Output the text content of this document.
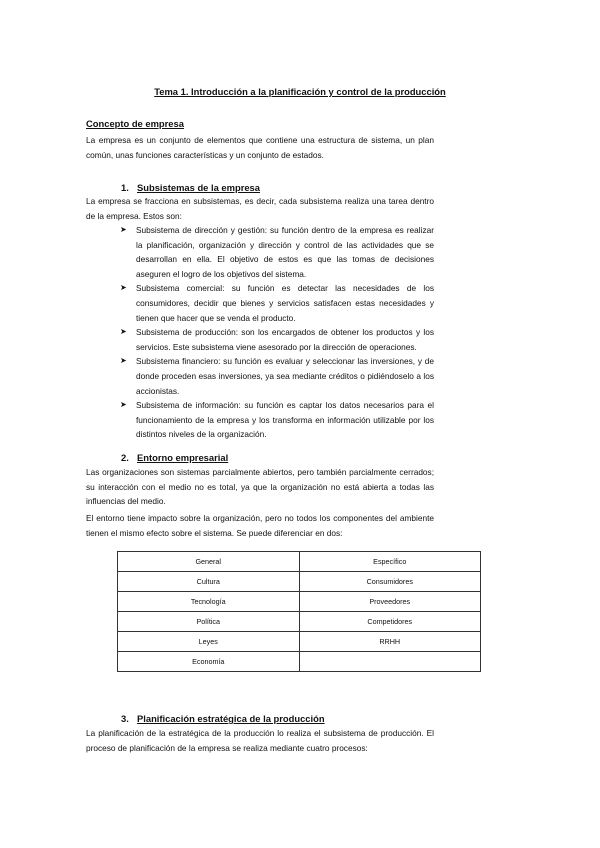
Tema 1. Introducción a la planificación y control de la producción
Concepto de empresa
La empresa es un conjunto de elementos que contiene una estructura de sistema, un plan común, unas funciones características y un conjunto de estados.
1. Subsistemas de la empresa
La empresa se fracciona en subsistemas, es decir, cada subsistema realiza una tarea dentro de la empresa. Estos son:
➤ Subsistema de dirección y gestión: su función dentro de la empresa es realizar la planificación, organización y dirección y control de las actividades que se desarrollan en ella. El objetivo de estos es que las tomas de decisiones aseguren el logro de los objetivos del sistema.
➤ Subsistema comercial: su función es detectar las necesidades de los consumidores, decidir que bienes y servicios satisfacen estas necesidades y tienen que hacer que se venda el producto.
➤ Subsistema de producción: son los encargados de obtener los productos y los servicios. Este subsistema viene asesorado por la dirección de operaciones.
➤ Subsistema financiero: su función es evaluar y seleccionar las inversiones, y de donde proceden esas inversiones, ya sea mediante créditos o pidiéndoselo a los accionistas.
➤ Subsistema de información: su función es captar los datos necesarios para el funcionamiento de la empresa y los transforma en información utilizable por los distintos niveles de la organización.
2. Entorno empresarial
Las organizaciones son sistemas parcialmente abiertos, pero también parcialmente cerrados; su interacción con el medio no es total, ya que la organización no está abierta a todas las influencias del medio.
El entorno tiene impacto sobre la organización, pero no todos los componentes del ambiente tienen el mismo efecto sobre el sistema. Se puede diferenciar en dos:
General	Específico
Cultura	Consumidores
Tecnología	Proveedores
Política	Competidores
Leyes	RRHH
Economía	
3. Planificación estratégica de la producción
La planificación de la estratégica de la producción lo realiza el subsistema de producción. El proceso de planificación de la empresa se realiza mediante cuatro procesos:
